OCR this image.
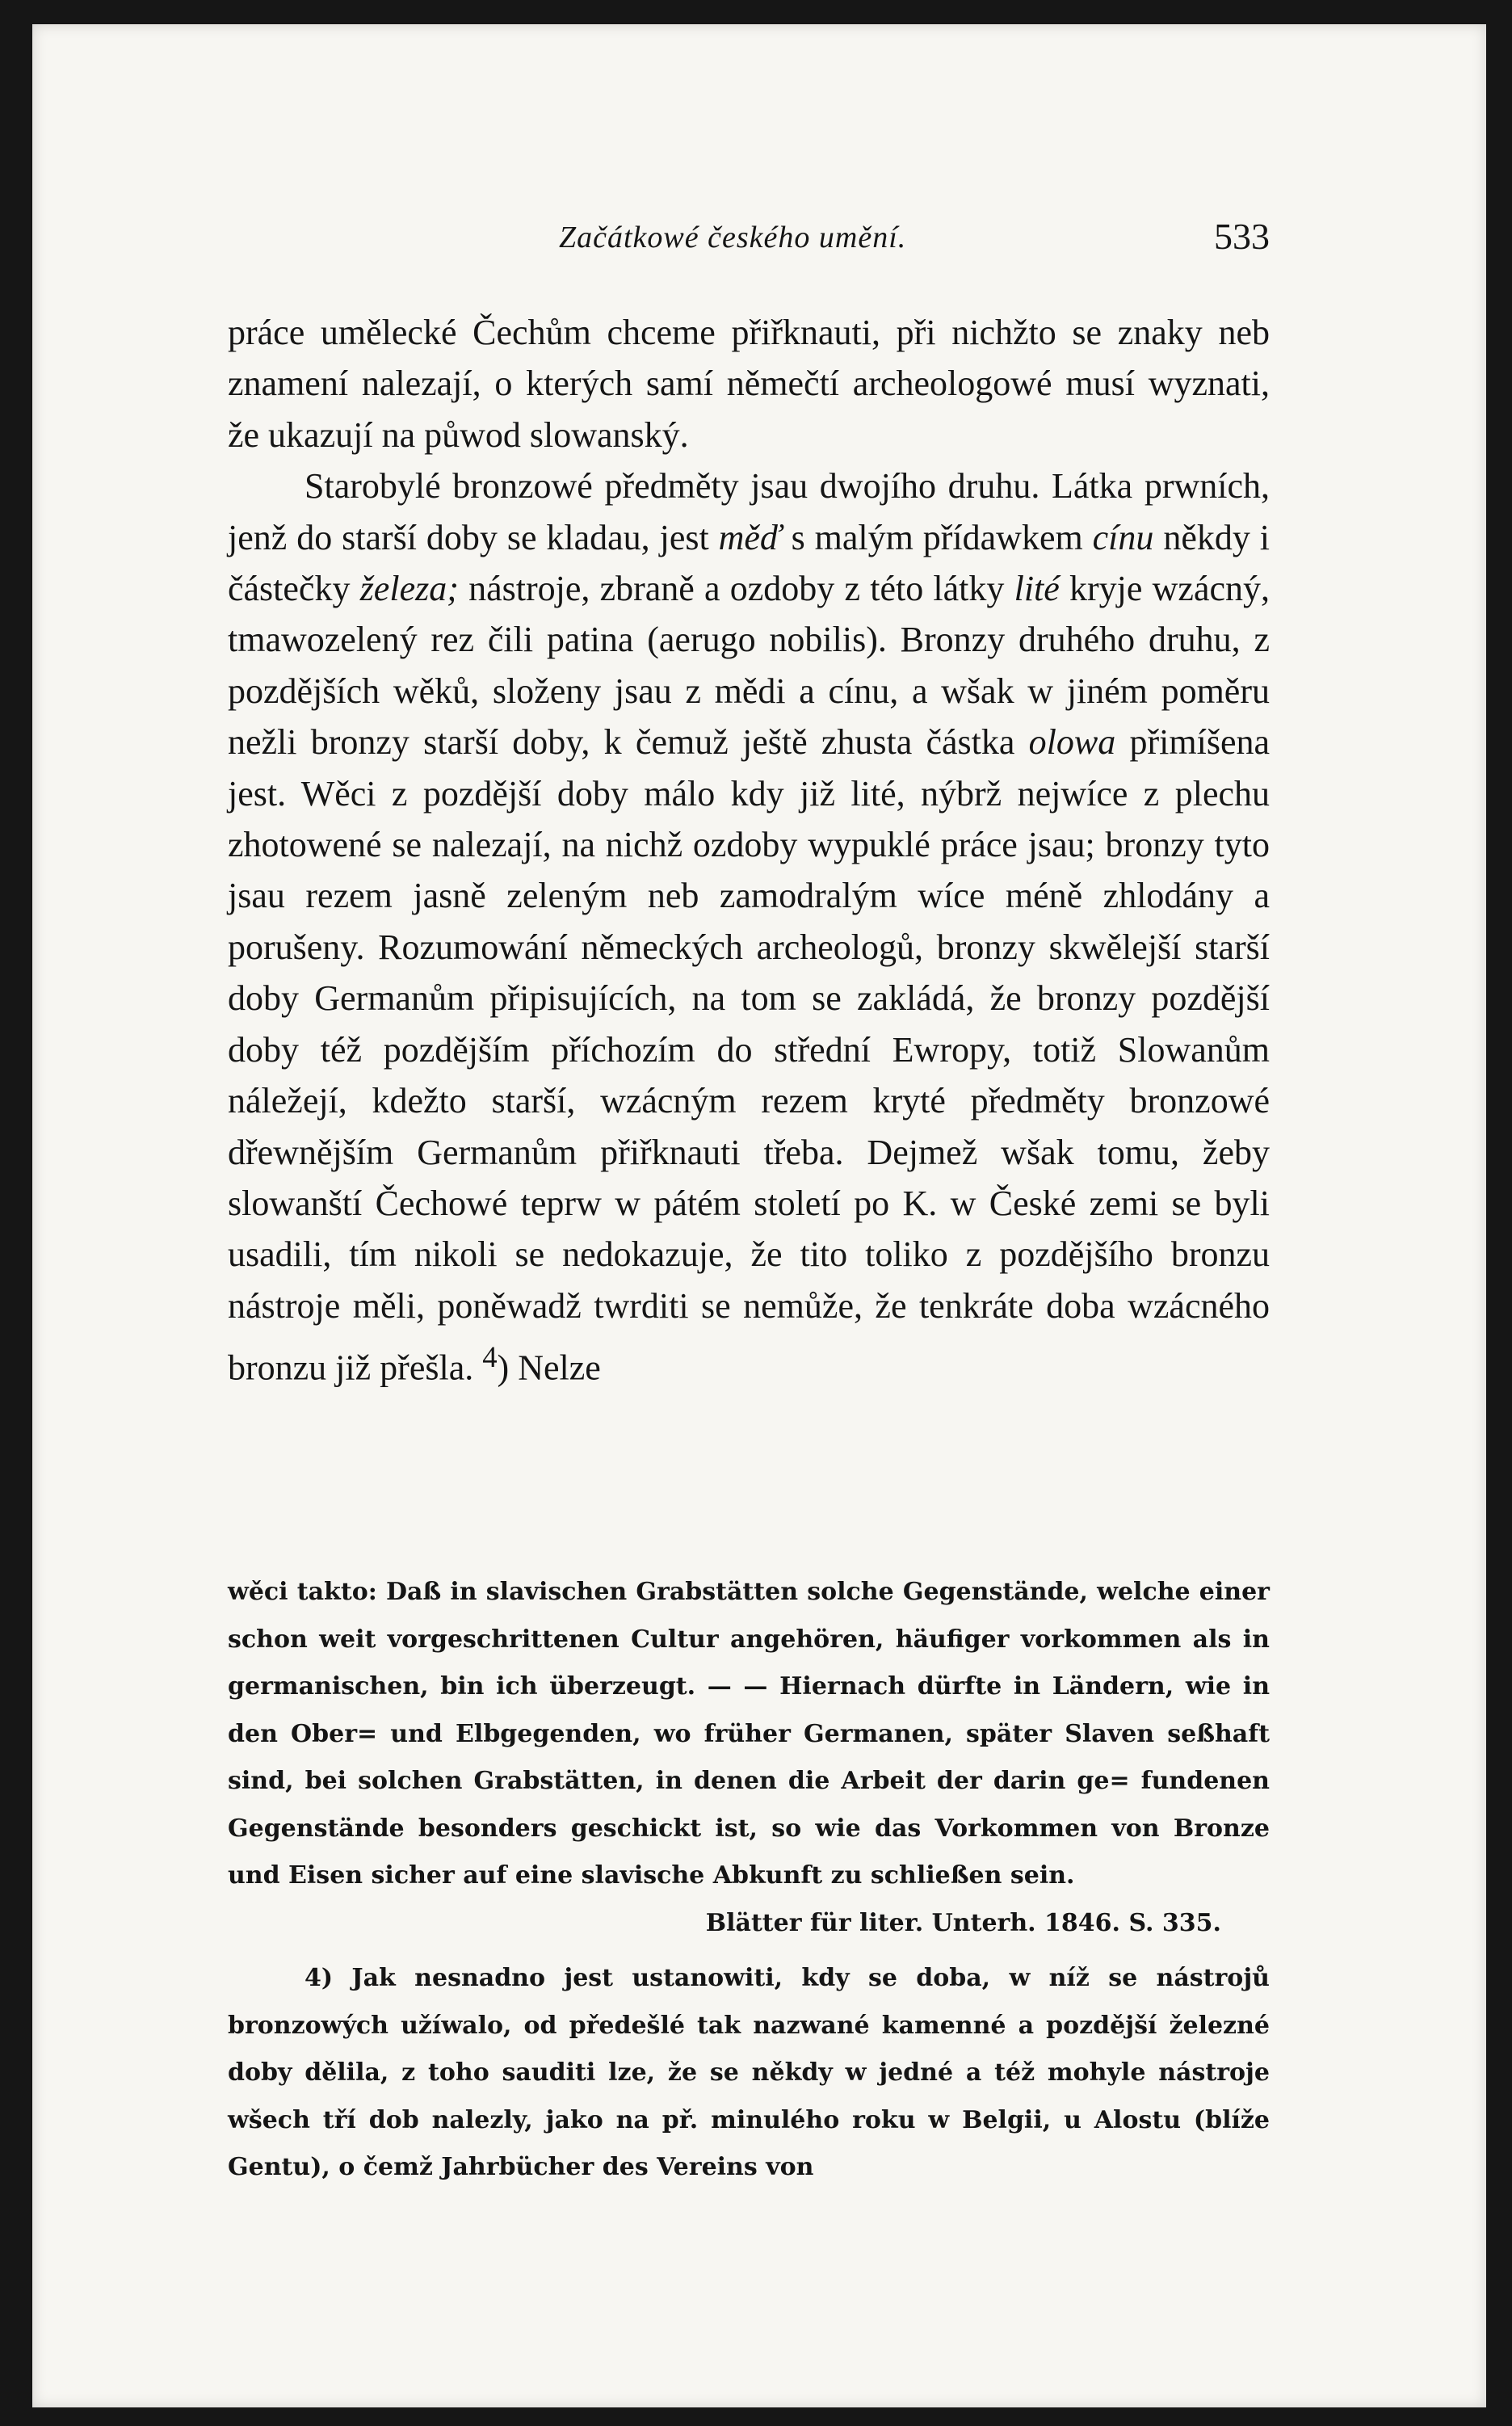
Začátkowé českého umění.	533

práce umělecké Čechům chceme přiřknauti, při nichžto se znaky neb znamení nalezají, o kterých samí němečtí archeologowé musí wyznati, že ukazují na půwod slowanský.

Starobylé bronzowé předměty jsau dwojího druhu. Látka prwních, jenž do starší doby se kladau, jest měď s malým přídawkem cínu někdy i částečky železa; nástroje, zbraně a ozdoby z této látky lité kryje wzácný, tmawozelený rez čili patina (aerugo nobilis). Bronzy druhého druhu, z pozdějších wěků, složeny jsau z mědi a cínu, a wšak w jiném poměru nežli bronzy starší doby, k čemuž ještě zhusta částka olowa přimíšena jest. Wěci z pozdější doby málo kdy již lité, nýbrž nejwíce z plechu zhotowené se nalezají, na nichž ozdoby wypuklé práce jsau; bronzy tyto jsau rezem jasně zeleným neb zamodralým wíce méně zhlodány a porušeny. Rozumowání německých archeologů, bronzy skwělejší starší doby Germanům připisujících, na tom se zakládá, že bronzy pozdější doby též pozdějším příchozím do střední Ewropy, totiž Slowanům náležejí, kdežto starší, wzácným rezem kryté předměty bronzowé dřewnějším Germanům přiřknauti třeba. Dejmež wšak tomu, žeby slowanští Čechowé teprw w pátém století po K. w České zemi se byli usadili, tím nikoli se nedokazuje, že tito toliko z pozdějšího bronzu nástroje měli, poněwadž twrditi se nemůže, že tenkráte doba wzácného bronzu již přešla. $^4$) Nelze

wěci takto: Daß in slavischen Grabstätten solche Gegenstände, welche einer schon weit vorgeschrittenen Cultur angehören, häufiger vorkommen als in germanischen, bin ich überzeugt. — — Hiernach dürfte in Ländern, wie in den Ober= und Elbgegenden, wo früher Germanen, später Slaven seßhaft sind, bei solchen Grabstätten, in denen die Arbeit der darin ge= fundenen Gegenstände besonders geschickt ist, so wie das Vorkommen von Bronze und Eisen sicher auf eine slavische Abkunft zu schließen sein.

Blätter für liter. Unterh. 1846. S. 335.

4) Jak nesnadno jest ustanowiti, kdy se doba, w níž se nástrojů bronzowých užíwalo, od předešlé tak nazwané kamenné a pozdější železné doby dělila, z toho sauditi lze, že se někdy w jedné a též mohyle nástroje wšech tří dob nalezly, jako na př. minulého roku w Belgii, u Alostu (blíže Gentu), o čemž Jahrbücher des Vereins von
